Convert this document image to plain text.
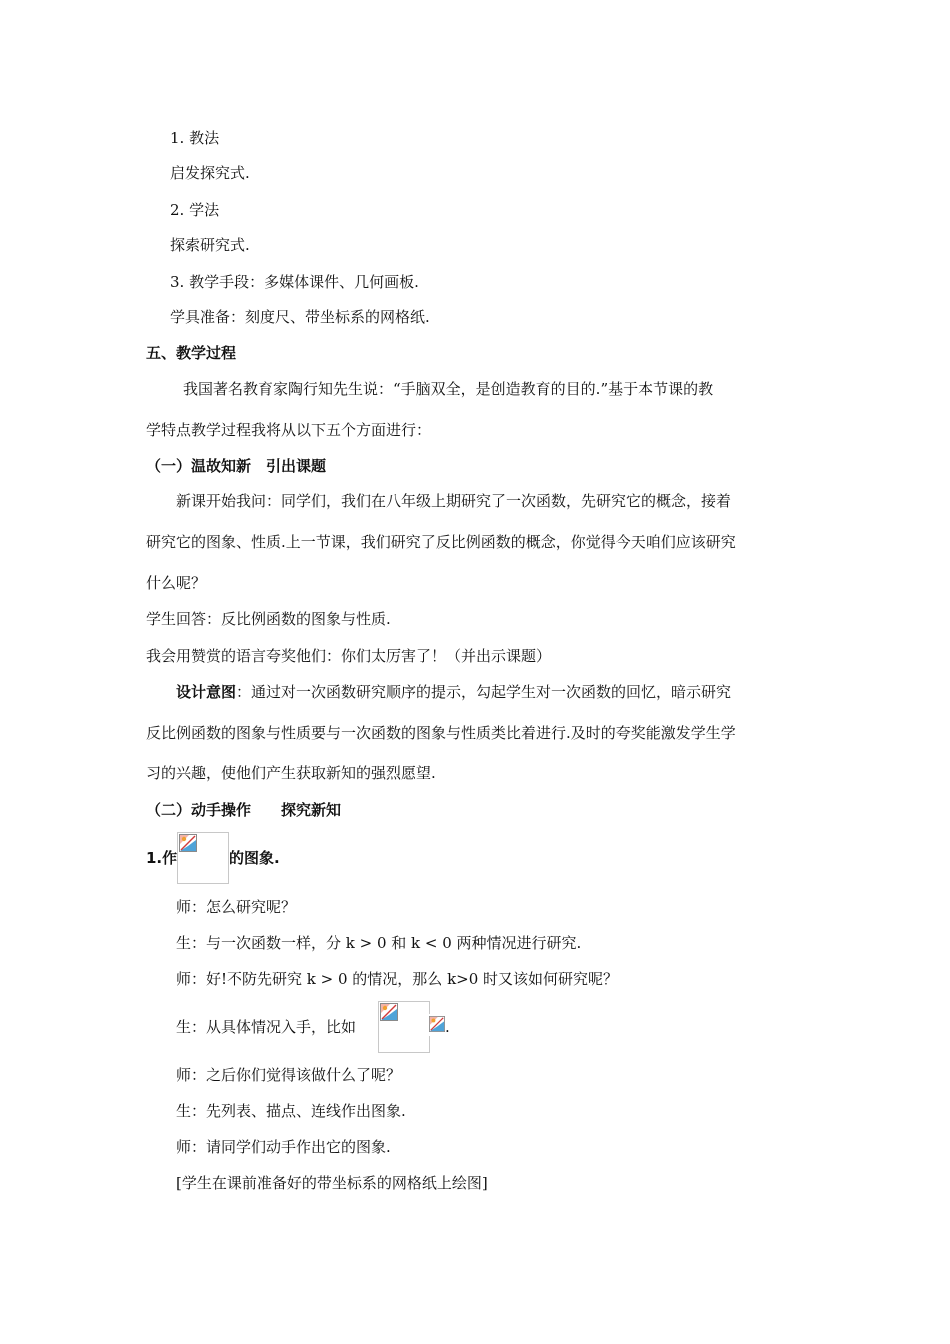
1. 教法
启发探究式.
2. 学法
探索研究式.
3. 教学手段：多媒体课件、几何画板.
学具准备：刻度尺、带坐标系的网格纸.
五、教学过程
我国著名教育家陶行知先生说：“手脑双全，是创造教育的目的.”基于本节课的教
学特点教学过程我将从以下五个方面进行：
（一）温故知新　引出课题
新课开始我问：同学们，我们在八年级上期研究了一次函数，先研究它的概念，接着
研究它的图象、性质.上一节课，我们研究了反比例函数的概念，你觉得今天咱们应该研究
什么呢？
学生回答：反比例函数的图象与性质.
我会用赞赏的语言夸奖他们：你们太厉害了！（并出示课题）
设计意图：通过对一次函数研究顺序的提示，勾起学生对一次函数的回忆，暗示研究
反比例函数的图象与性质要与一次函数的图象与性质类比着进行.及时的夸奖能激发学生学
习的兴趣，使他们产生获取新知的强烈愿望.
（二）动手操作　　探究新知
1.作	的图象.
师：怎么研究呢？
生：与一次函数一样，分 k > 0 和 k < 0 两种情况进行研究.
师：好!不防先研究 k > 0 的情况，那么 k>0 时又该如何研究呢？
生：从具体情况入手，比如	.
师：之后你们觉得该做什么了呢？
生：先列表、描点、连线作出图象.
师：请同学们动手作出它的图象.
[学生在课前准备好的带坐标系的网格纸上绘图]
